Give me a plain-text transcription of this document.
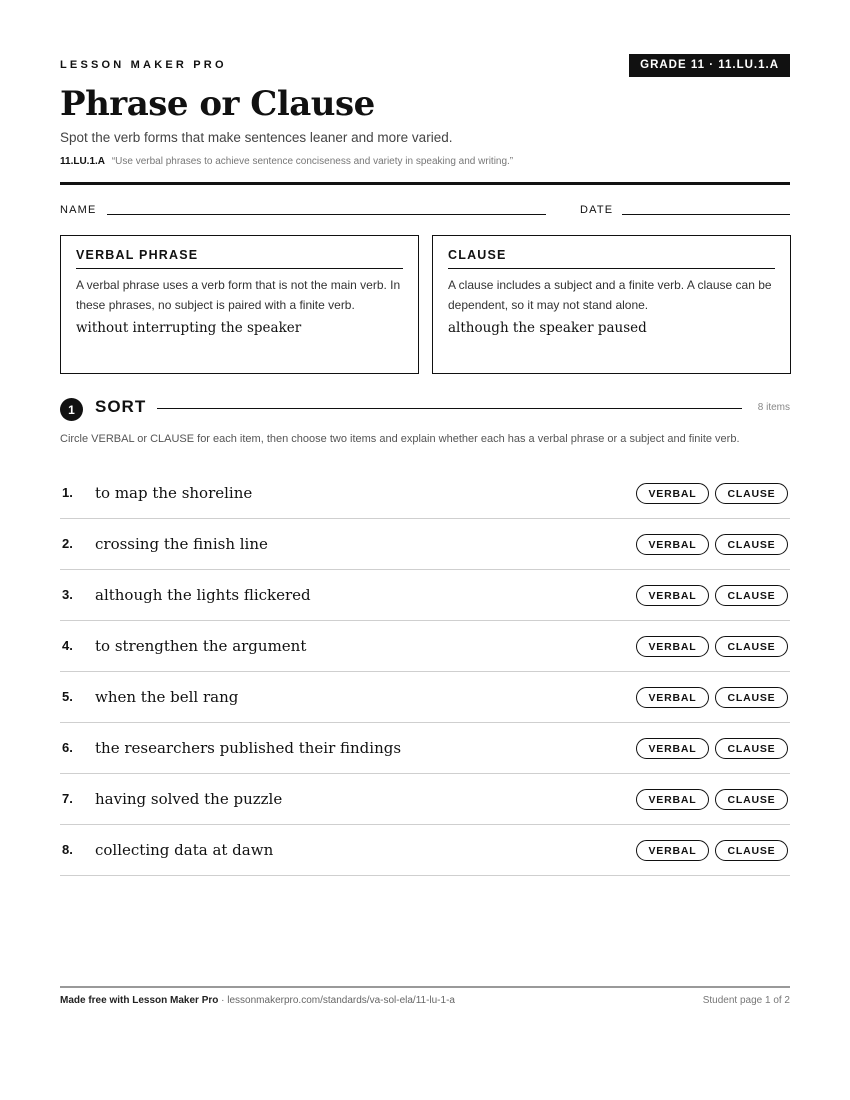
LESSON MAKER PRO	GRADE 11 · 11.LU.1.A
Phrase or Clause
Spot the verb forms that make sentences leaner and more varied.
11.LU.1.A “Use verbal phrases to achieve sentence conciseness and variety in speaking and writing.”
NAME	DATE
VERBAL PHRASE
A verbal phrase uses a verb form that is not the main verb. In these phrases, no subject is paired with a finite verb.
without interrupting the speaker
CLAUSE
A clause includes a subject and a finite verb. A clause can be dependent, so it may not stand alone.
although the speaker paused
1	SORT	8 items
Circle VERBAL or CLAUSE for each item, then choose two items and explain whether each has a verbal phrase or a subject and finite verb.
1. to map the shoreline	VERBAL	CLAUSE
2. crossing the finish line	VERBAL	CLAUSE
3. although the lights flickered	VERBAL	CLAUSE
4. to strengthen the argument	VERBAL	CLAUSE
5. when the bell rang	VERBAL	CLAUSE
6. the researchers published their findings	VERBAL	CLAUSE
7. having solved the puzzle	VERBAL	CLAUSE
8. collecting data at dawn	VERBAL	CLAUSE
Made free with Lesson Maker Pro · lessonmakerpro.com/standards/va-sol-ela/11-lu-1-a	Student page 1 of 2
